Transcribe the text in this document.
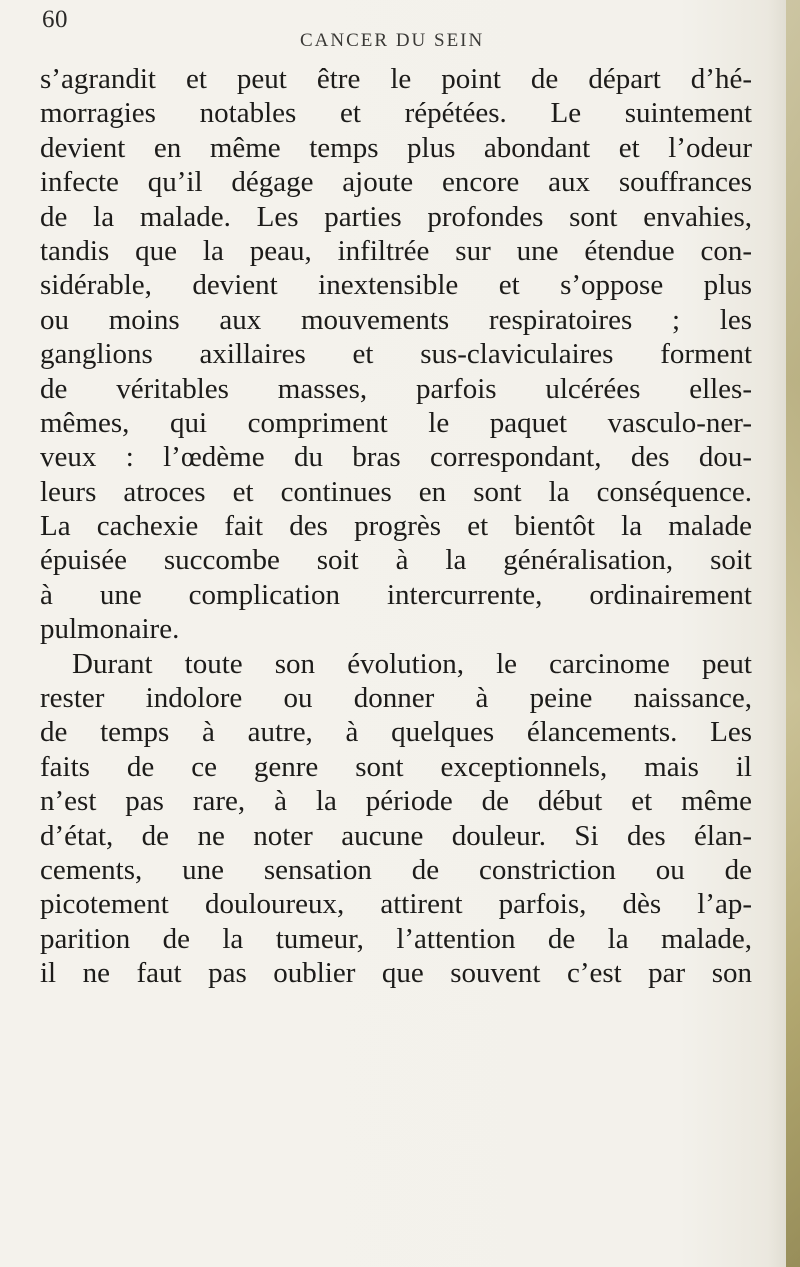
60
CANCER DU SEIN
s’agrandit et peut être le point de départ d’hé-
morragies notables et répétées. Le suintement
devient en même temps plus abondant et l’odeur
infecte qu’il dégage ajoute encore aux souffrances
de la malade. Les parties profondes sont envahies,
tandis que la peau, infiltrée sur une étendue con-
sidérable, devient inextensible et s’oppose plus
ou moins aux mouvements respiratoires ; les
ganglions axillaires et sus-claviculaires forment
de véritables masses, parfois ulcérées elles-
mêmes, qui compriment le paquet vasculo-ner-
veux : l’œdème du bras correspondant, des dou-
leurs atroces et continues en sont la conséquence.
La cachexie fait des progrès et bientôt la malade
épuisée succombe soit à la généralisation, soit
à une complication intercurrente, ordinairement
pulmonaire.
Durant toute son évolution, le carcinome peut
rester indolore ou donner à peine naissance,
de temps à autre, à quelques élancements. Les
faits de ce genre sont exceptionnels, mais il
n’est pas rare, à la période de début et même
d’état, de ne noter aucune douleur. Si des élan-
cements, une sensation de constriction ou de
picotement douloureux, attirent parfois, dès l’ap-
parition de la tumeur, l’attention de la malade,
il ne faut pas oublier que souvent c’est par son
